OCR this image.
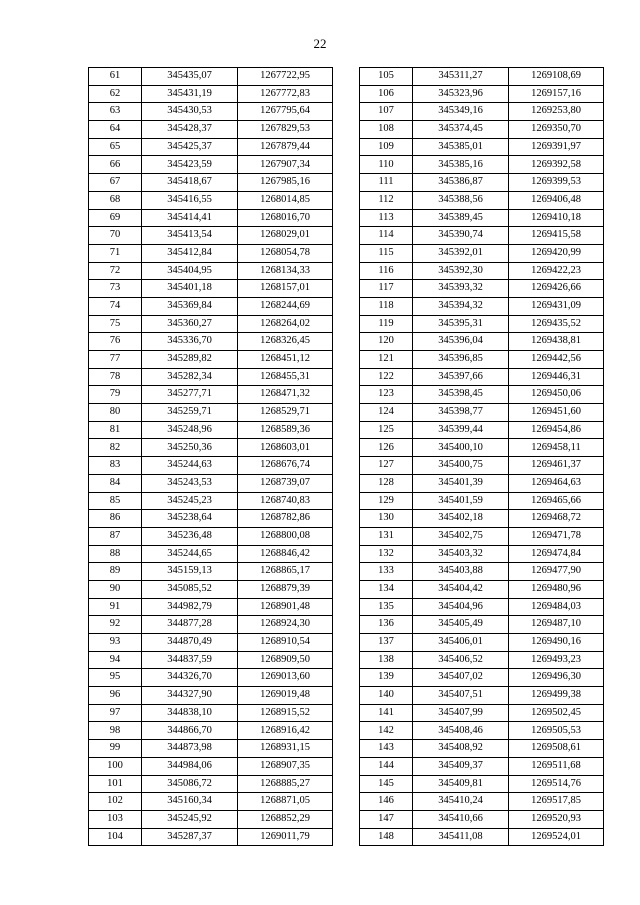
22
61	345435,07	1267722,95
62	345431,19	1267772,83
63	345430,53	1267795,64
64	345428,37	1267829,53
65	345425,37	1267879,44
66	345423,59	1267907,34
67	345418,67	1267985,16
68	345416,55	1268014,85
69	345414,41	1268016,70
70	345413,54	1268029,01
71	345412,84	1268054,78
72	345404,95	1268134,33
73	345401,18	1268157,01
74	345369,84	1268244,69
75	345360,27	1268264,02
76	345336,70	1268326,45
77	345289,82	1268451,12
78	345282,34	1268455,31
79	345277,71	1268471,32
80	345259,71	1268529,71
81	345248,96	1268589,36
82	345250,36	1268603,01
83	345244,63	1268676,74
84	345243,53	1268739,07
85	345245,23	1268740,83
86	345238,64	1268782,86
87	345236,48	1268800,08
88	345244,65	1268846,42
89	345159,13	1268865,17
90	345085,52	1268879,39
91	344982,79	1268901,48
92	344877,28	1268924,30
93	344870,49	1268910,54
94	344837,59	1268909,50
95	344326,70	1269013,60
96	344327,90	1269019,48
97	344838,10	1268915,52
98	344866,70	1268916,42
99	344873,98	1268931,15
100	344984,06	1268907,35
101	345086,72	1268885,27
102	345160,34	1268871,05
103	345245,92	1268852,29
104	345287,37	1269011,79
105	345311,27	1269108,69
106	345323,96	1269157,16
107	345349,16	1269253,80
108	345374,45	1269350,70
109	345385,01	1269391,97
110	345385,16	1269392,58
111	345386,87	1269399,53
112	345388,56	1269406,48
113	345389,45	1269410,18
114	345390,74	1269415,58
115	345392,01	1269420,99
116	345392,30	1269422,23
117	345393,32	1269426,66
118	345394,32	1269431,09
119	345395,31	1269435,52
120	345396,04	1269438,81
121	345396,85	1269442,56
122	345397,66	1269446,31
123	345398,45	1269450,06
124	345398,77	1269451,60
125	345399,44	1269454,86
126	345400,10	1269458,11
127	345400,75	1269461,37
128	345401,39	1269464,63
129	345401,59	1269465,66
130	345402,18	1269468,72
131	345402,75	1269471,78
132	345403,32	1269474,84
133	345403,88	1269477,90
134	345404,42	1269480,96
135	345404,96	1269484,03
136	345405,49	1269487,10
137	345406,01	1269490,16
138	345406,52	1269493,23
139	345407,02	1269496,30
140	345407,51	1269499,38
141	345407,99	1269502,45
142	345408,46	1269505,53
143	345408,92	1269508,61
144	345409,37	1269511,68
145	345409,81	1269514,76
146	345410,24	1269517,85
147	345410,66	1269520,93
148	345411,08	1269524,01
